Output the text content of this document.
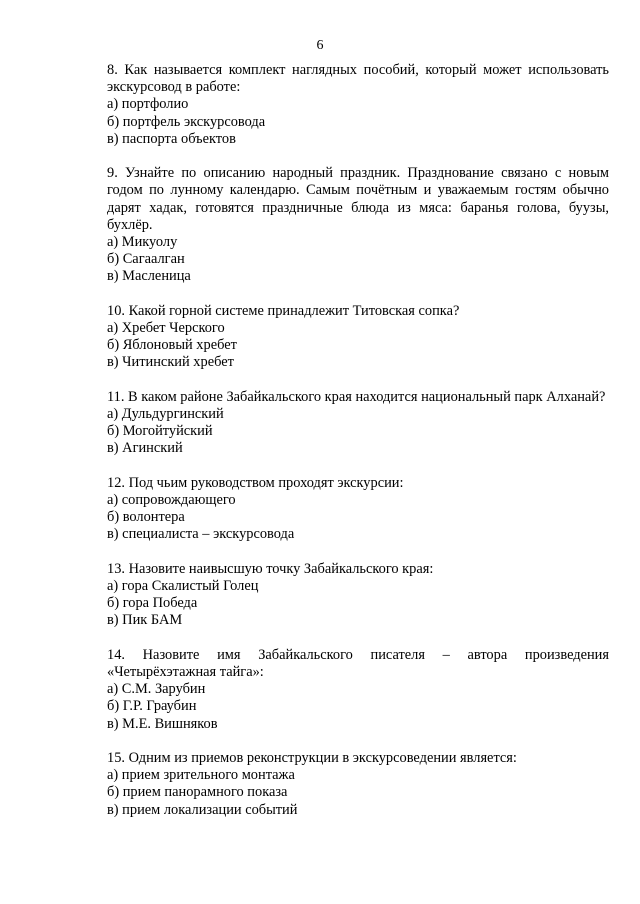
6
8. Как называется комплект наглядных пособий, который может использовать экскурсовод в работе:
а) портфолио
б) портфель экскурсовода
в) паспорта объектов
9. Узнайте по описанию народный праздник. Празднование связано с новым годом по лунному календарю. Самым почётным и уважаемым гостям обычно дарят хадак, готовятся праздничные блюда из мяса: баранья голова, буузы, бухлёр.
а) Микуолу
б) Сагаалган
в) Масленица
10. Какой горной системе принадлежит Титовская сопка?
а) Хребет Черского
б) Яблоновый хребет
в) Читинский хребет
11. В каком районе Забайкальского края находится национальный парк Алханай?
а) Дульдургинский
б) Могойтуйский
в) Агинский
12. Под чьим руководством проходят экскурсии:
а) сопровождающего
б) волонтера
в) специалиста – экскурсовода
13. Назовите наивысшую точку Забайкальского края:
а) гора Скалистый Голец
б) гора Победа
в) Пик БАМ
14. Назовите имя Забайкальского писателя – автора произведения «Четырёхэтажная тайга»:
а) С.М. Зарубин
б) Г.Р. Граубин
в) М.Е. Вишняков
15. Одним из приемов реконструкции в экскурсоведении является:
а) прием зрительного монтажа
б) прием панорамного показа
в) прием локализации событий
